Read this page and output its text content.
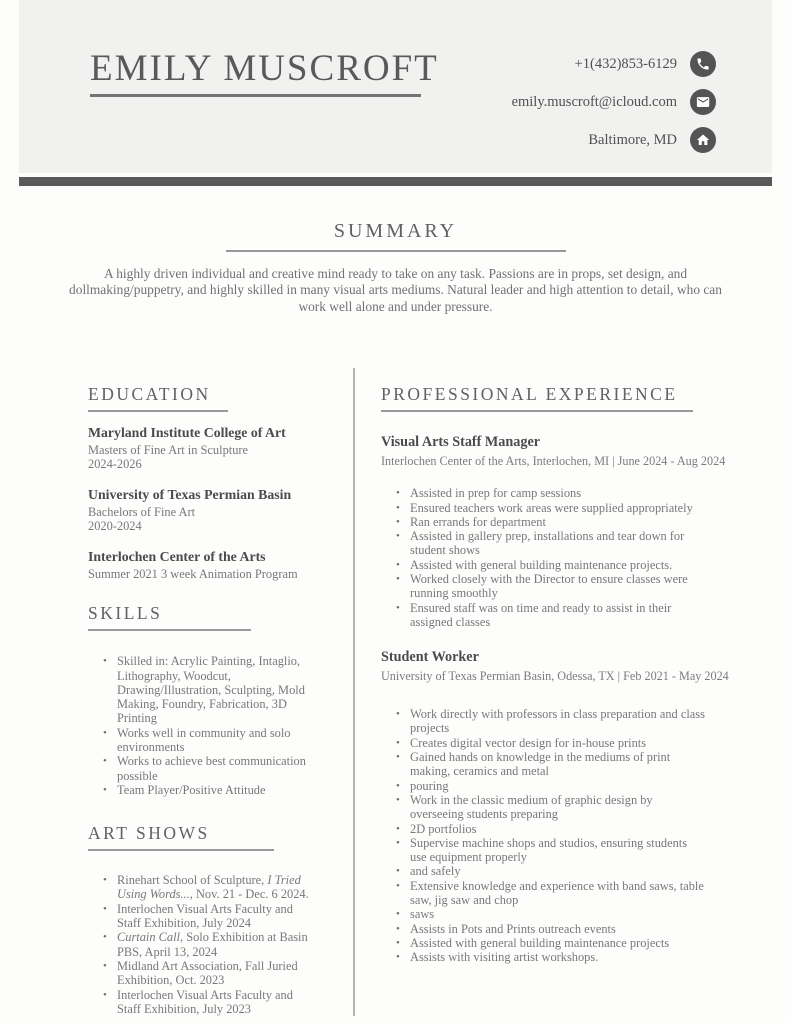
EMILY MUSCROFT	+1(432)853-6129
emily.muscroft@icloud.com
Baltimore, MD
SUMMARY

A highly driven individual and creative mind ready to take on any task. Passions are in props, set design, and dollmaking/puppetry, and highly skilled in many visual arts mediums. Natural leader and high attention to detail, who can work well alone and under pressure.

EDUCATION
Maryland Institute College of Art
Masters of Fine Art in Sculpture
2024-2026
University of Texas Permian Basin
Bachelors of Fine Art
2020-2024
Interlochen Center of the Arts
Summer 2021 3 week Animation Program
SKILLS
• Skilled in: Acrylic Painting, Intaglio, Lithography, Woodcut, Drawing/Illustration, Sculpting, Mold Making, Foundry, Fabrication, 3D Printing
• Works well in community and solo environments
• Works to achieve best communication possible
• Team Player/Positive Attitude
ART SHOWS
• Rinehart School of Sculpture, I Tried Using Words..., Nov. 21 - Dec. 6 2024.
• Interlochen Visual Arts Faculty and Staff Exhibition, July 2024
• Curtain Call, Solo Exhibition at Basin PBS, April 13, 2024
• Midland Art Association, Fall Juried Exhibition, Oct. 2023
• Interlochen Visual Arts Faculty and Staff Exhibition, July 2023
PROFESSIONAL EXPERIENCE
Visual Arts Staff Manager
Interlochen Center of the Arts, Interlochen, MI | June 2024 - Aug 2024
• Assisted in prep for camp sessions
• Ensured teachers work areas were supplied appropriately
• Ran errands for department
• Assisted in gallery prep, installations and tear down for student shows
• Assisted with general building maintenance projects.
• Worked closely with the Director to ensure classes were running smoothly
• Ensured staff was on time and ready to assist in their assigned classes
Student Worker
University of Texas Permian Basin, Odessa, TX | Feb 2021 - May 2024
• Work directly with professors in class preparation and class projects
• Creates digital vector design for in-house prints
• Gained hands on knowledge in the mediums of print making, ceramics and metal
• pouring
• Work in the classic medium of graphic design by overseeing students preparing
• 2D portfolios
• Supervise machine shops and studios, ensuring students use equipment properly
• and safely
• Extensive knowledge and experience with band saws, table saw, jig saw and chop
• saws
• Assists in Pots and Prints outreach events
• Assisted with general building maintenance projects
• Assists with visiting artist workshops.
